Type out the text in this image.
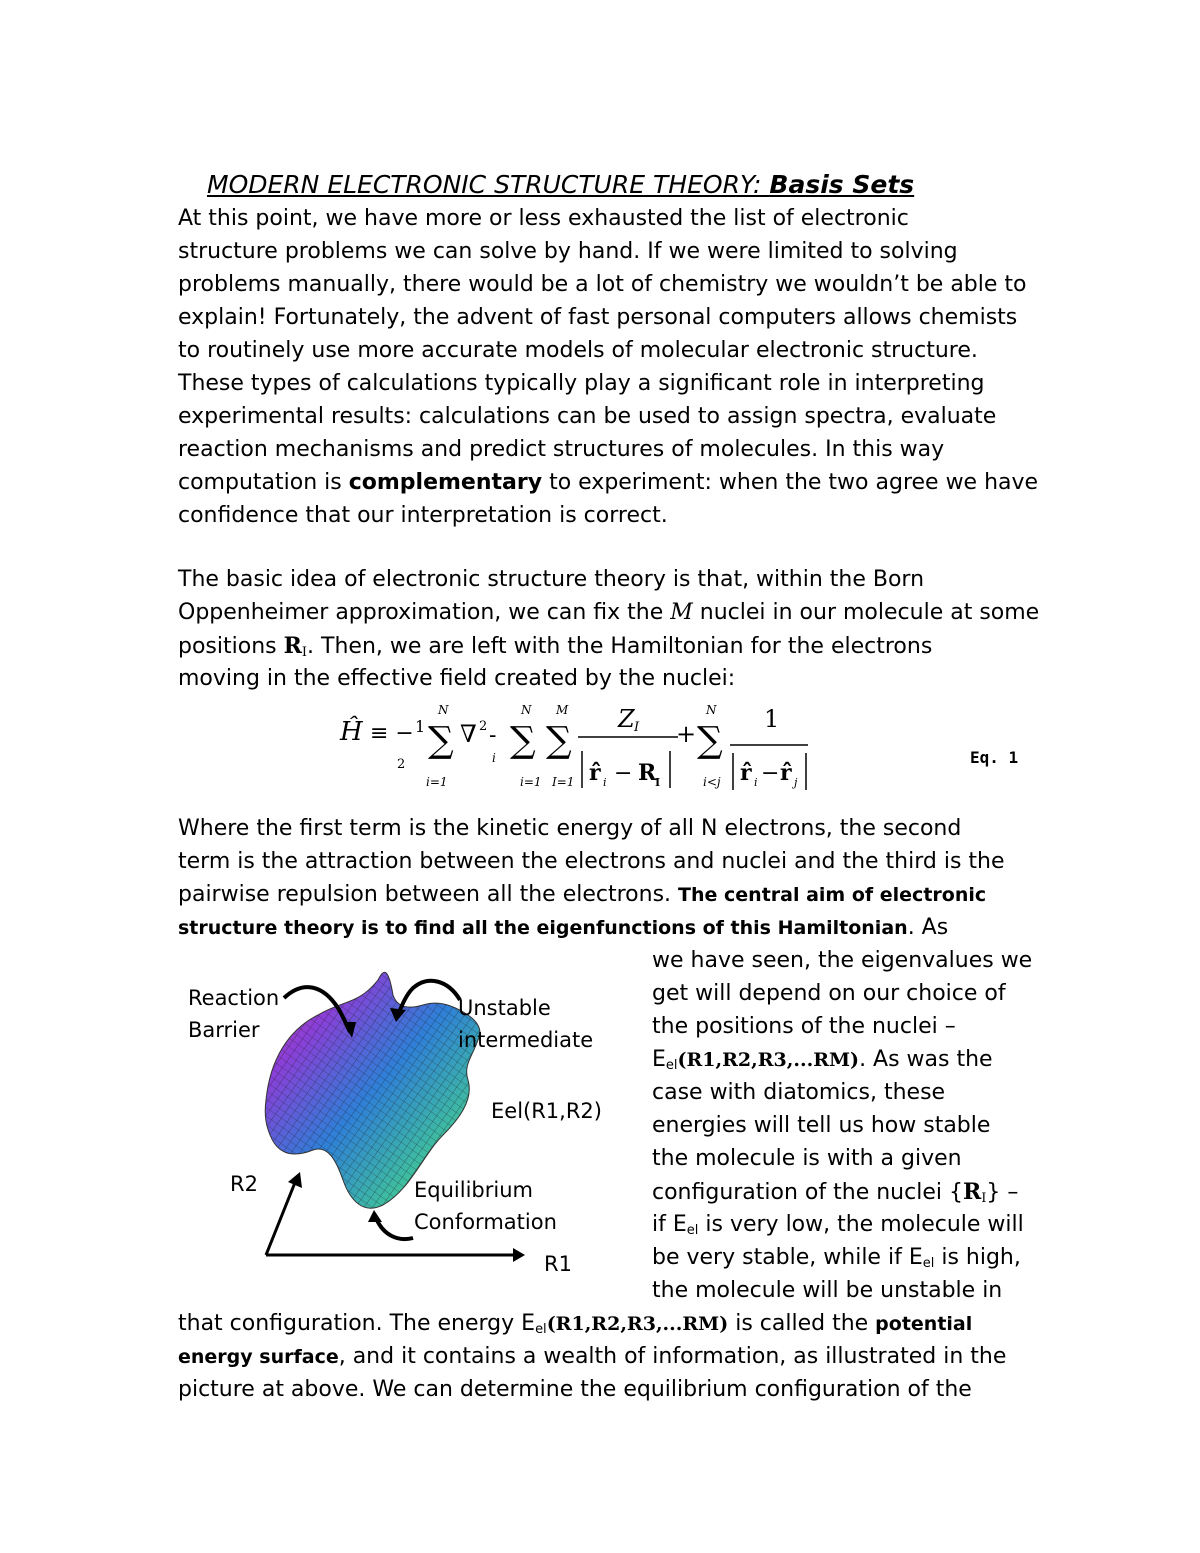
MODERN ELECTRONIC STRUCTURE THEORY: Basis Sets
At this point, we have more or less exhausted the list of electronic
structure problems we can solve by hand. If we were limited to solving
problems manually, there would be a lot of chemistry we wouldn’t be able to
explain! Fortunately, the advent of fast personal computers allows chemists
to routinely use more accurate models of molecular electronic structure.
These types of calculations typically play a significant role in interpreting
experimental results: calculations can be used to assign spectra, evaluate
reaction mechanisms and predict structures of molecules. In this way
computation is complementary to experiment: when the two agree we have
confidence that our interpretation is correct.
The basic idea of electronic structure theory is that, within the Born
Oppenheimer approximation, we can fix the M nuclei in our molecule at some
positions $R_I$. Then, we are left with the Hamiltonian for the electrons
moving in the effective field created by the nuclei:
Ĥ ≡ − 1
2
∑
N
i=1
∇ 2 -
i ∑
N
i=1
∑
M
I=1
Z I
r̂ i − R
I
+ ∑
N
i<j
1
r̂ i − r̂ j
Eq. 1
Where the first term is the kinetic energy of all N electrons, the second
term is the attraction between the electrons and nuclei and the third is the
pairwise repulsion between all the electrons. The central aim of electronic
structure theory is to find all the eigenfunctions of this Hamiltonian. As
we have seen, the eigenvalues we
get will depend on our choice of
the positions of the nuclei –
$E_{el}(R1,R2,R3,...RM)$. As was the
case with diatomics, these
energies will tell us how stable
the molecule is with a given
configuration of the nuclei $\{R_I\}$ –
if $E_{el}$ is very low, the molecule will
be very stable, while if $E_{el}$ is high,
the molecule will be unstable in
that configuration. The energy $E_{el}(R1,R2,R3,...RM)$ is called the potential
energy surface, and it contains a wealth of information, as illustrated in the
picture at above. We can determine the equilibrium configuration of the
Reaction
Barrier
Unstable
intermediate
Eel(R1,R2)
Equilibrium
Conformation
R2
R1
